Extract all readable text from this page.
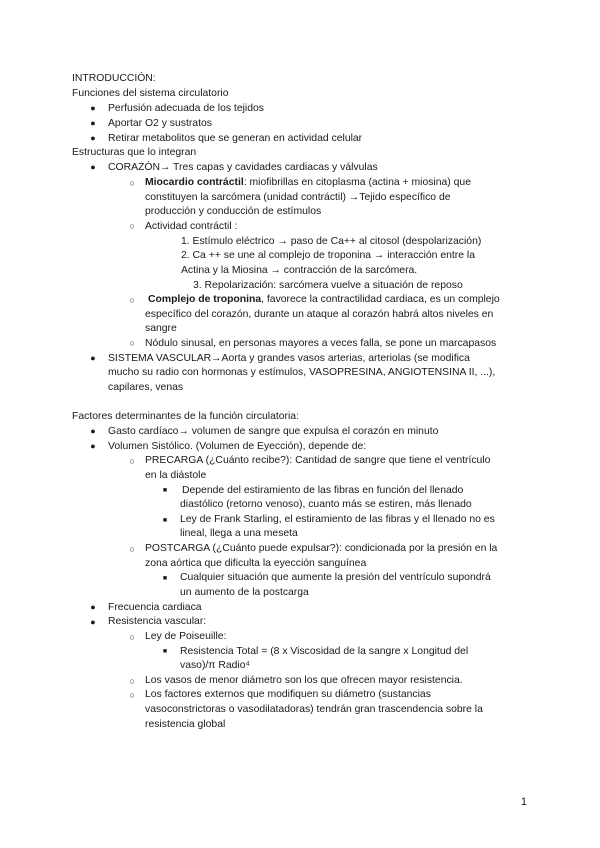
INTRODUCCIÓN:
Funciones del sistema circulatorio
● Perfusión adecuada de los tejidos
● Aportar O2 y sustratos
● Retirar metabolitos que se generan en actividad celular
Estructuras que lo integran
● CORAZÓN→ Tres capas y cavidades cardiacas y válvulas
○ Miocardio contráctil: miofibrillas en citoplasma (actina + miosina) que
constituyen la sarcómera (unidad contráctil) →Tejido específico de
producción y conducción de estímulos
○ Actividad contráctil :
1. Estímulo eléctrico → paso de Ca++ al citosol (despolarización)
2. Ca ++ se une al complejo de troponina → interacción entre la
Actina y la Miosina → contracción de la sarcómera.
3. Repolarización: sarcómera vuelve a situación de reposo
○ Complejo de troponina, favorece la contractilidad cardiaca, es un complejo
específico del corazón, durante un ataque al corazón habrá altos niveles en
sangre
○ Nódulo sinusal, en personas mayores a veces falla, se pone un marcapasos
● SISTEMA VASCULAR→Aorta y grandes vasos arterias, arteriolas (se modifica
mucho su radio con hormonas y estímulos, VASOPRESINA, ANGIOTENSINA II, ...),
capilares, venas
Factores determinantes de la función circulatoria:
● Gasto cardíaco→ volumen de sangre que expulsa el corazón en minuto
● Volumen Sistólico. (Volumen de Eyección), depende de:
○ PRECARGA (¿Cuánto recibe?): Cantidad de sangre que tiene el ventrículo
en la diástole
■ Depende del estiramiento de las fibras en función del llenado
diastólico (retorno venoso), cuanto más se estiren, más llenado
■ Ley de Frank Starling, el estiramiento de las fibras y el llenado no es
lineal, llega a una meseta
○ POSTCARGA (¿Cuánto puede expulsar?): condicionada por la presión en la
zona aórtica que dificulta la eyección sanguínea
■ Cualquier situación que aumente la presión del ventrículo supondrá
un aumento de la postcarga
● Frecuencia cardiaca
● Resistencia vascular:
○ Ley de Poiseuille:
■ Resistencia Total = (8 x Viscosidad de la sangre x Longitud del
vaso)/π Radio⁴
○ Los vasos de menor diámetro son los que ofrecen mayor resistencia.
○ Los factores externos que modifiquen su diámetro (sustancias
vasoconstrictoras o vasodilatadoras) tendrán gran trascendencia sobre la
resistencia global
1
